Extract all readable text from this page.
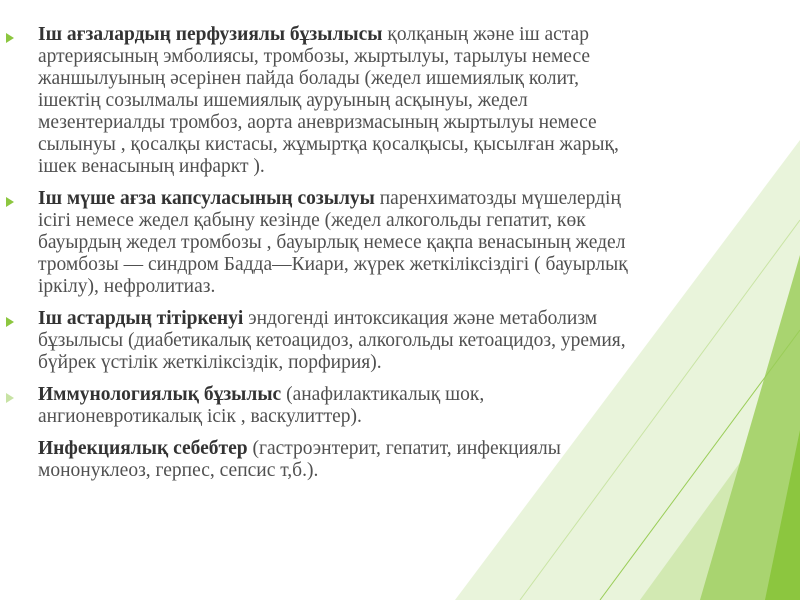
Іш ағзалардың перфузиялы бұзылысы қолқаның және іш астар
артериясының эмболиясы, тромбозы, жыртылуы, тарылуы немесе
жаншылуының әсерінен пайда болады (жедел ишемиялық колит,
ішектің созылмалы ишемиялық ауруының асқынуы, жедел
мезентериалды тромбоз, аорта аневризмасының жыртылуы немесе
сылынуы , қосалқы кистасы, жұмыртқа қосалқысы, қысылған жарық,
ішек венасының инфаркт ).
Іш мүше ағза капсуласының созылуы паренхиматозды мүшелердің
ісігі немесе жедел қабыну кезінде (жедел алкогольды гепатит, көк
бауырдың жедел тромбозы , бауырлық немесе қақпа венасының жедел
тромбозы — синдром Бадда—Киари, жүрек жеткіліксіздігі ( бауырлық
іркілу), нефролитиаз.
Іш астардың тітіркенуі эндогенді интоксикация және метаболизм
бұзылысы (диабетикалық кетоацидоз, алкогольды кетоацидоз, уремия,
бүйрек үстілік жеткіліксіздік, порфирия).
Иммунологиялық бұзылыс (анафилактикалық шок,
ангионевротикалық ісік , васкулиттер).
Инфекциялық себебтер (гастроэнтерит, гепатит, инфекциялы
мононуклеоз, герпес, сепсис т,б.).
